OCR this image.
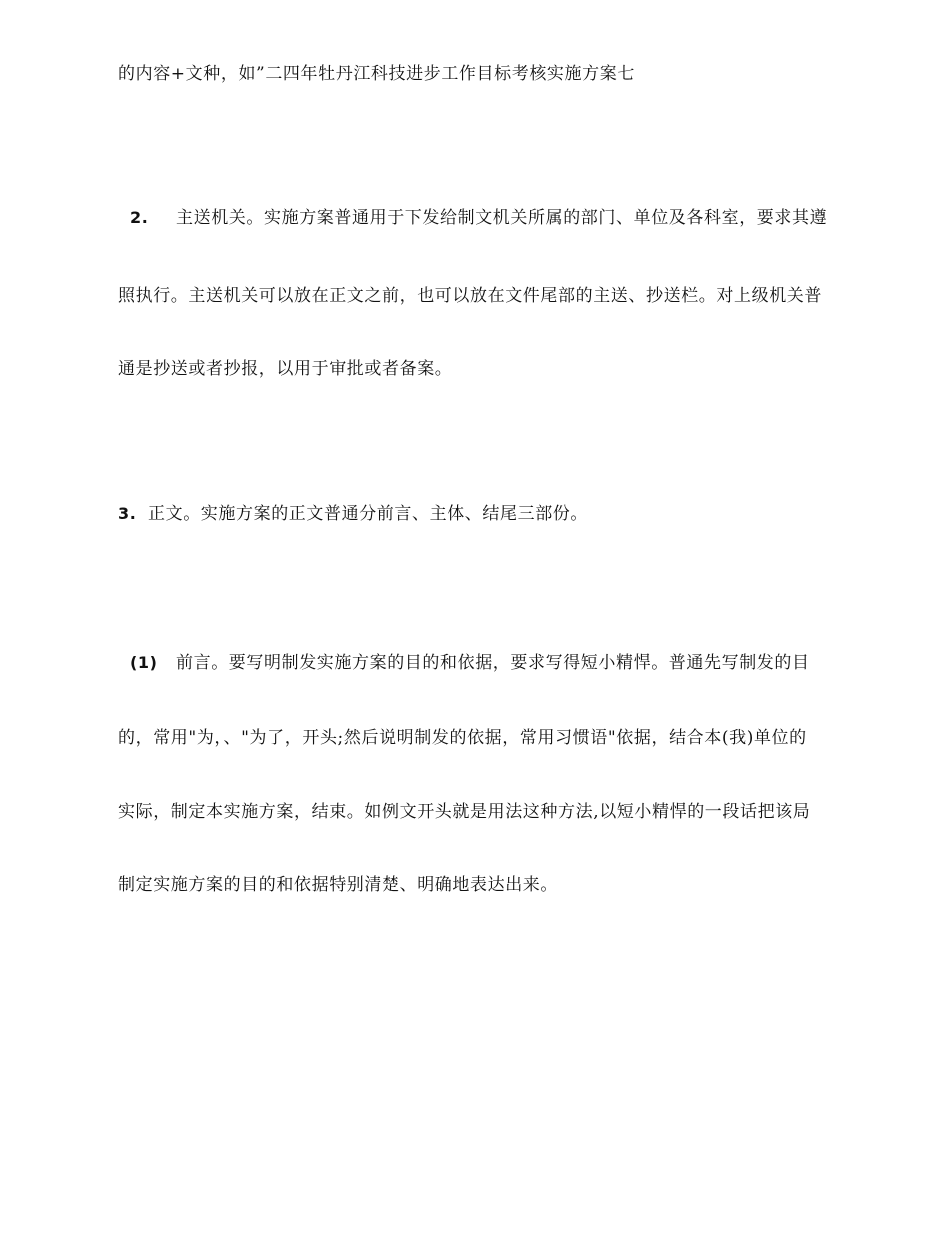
的内容+文种，如”二四年牡丹江科技进步工作目标考核实施方案七
2. 主送机关。实施方案普通用于下发给制文机关所属的部门、单位及各科室，要求其遵
照执行。主送机关可以放在正文之前，也可以放在文件尾部的主送、抄送栏。对上级机关普
通是抄送或者抄报，以用于审批或者备案。
3. 正文。实施方案的正文普通分前言、主体、结尾三部份。
(1) 前言。要写明制发实施方案的目的和依据，要求写得短小精悍。普通先写制发的目
的，常用"为，、"为了，开头;然后说明制发的依据，常用习惯语"依据，结合本(我)单位的
实际，制定本实施方案，结束。如例文开头就是用法这种方法,以短小精悍的一段话把该局
制定实施方案的目的和依据特别清楚、明确地表达出来。
